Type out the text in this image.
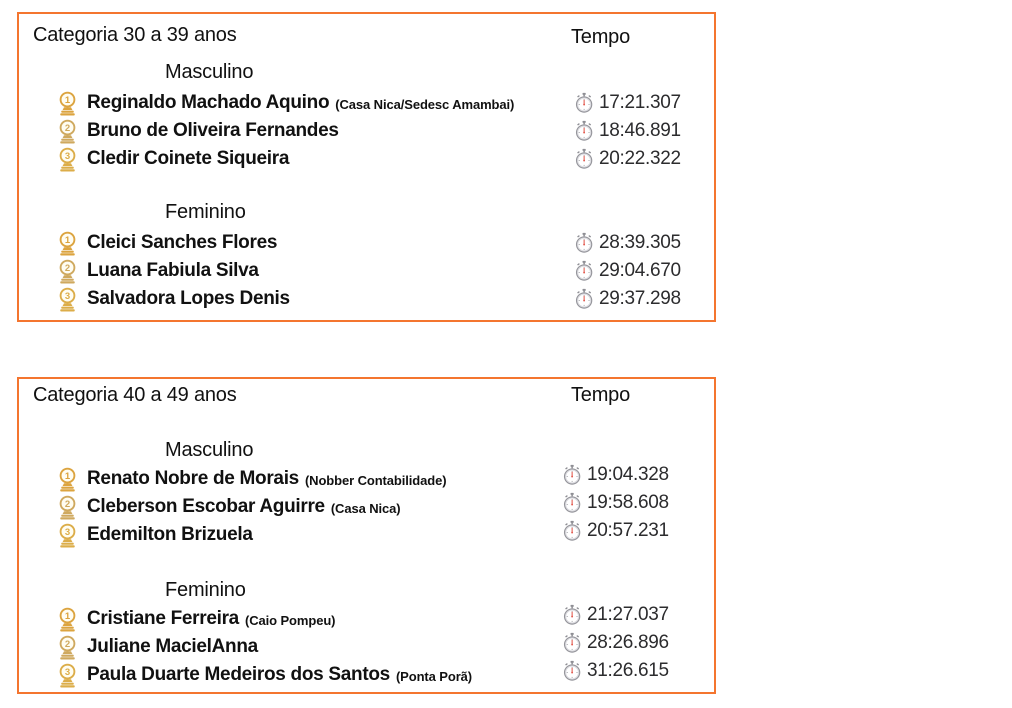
Categoria 30 a 39 anos	Tempo
Masculino
1 Reginaldo Machado Aquino (Casa Nica/Sedesc Amambai)	17:21.307
2 Bruno de Oliveira Fernandes	18:46.891
3 Cledir Coinete Siqueira	20:22.322
Feminino
1 Cleici Sanches Flores	28:39.305
2 Luana Fabiula Silva	29:04.670
3 Salvadora Lopes Denis	29:37.298
Categoria 40 a 49 anos	Tempo
Masculino
1 Renato Nobre de Morais (Nobber Contabilidade)	19:04.328
2 Cleberson Escobar Aguirre (Casa Nica)	19:58.608
3 Edemilton Brizuela	20:57.231
Feminino
1 Cristiane Ferreira (Caio Pompeu)	21:27.037
2 Juliane MacielAnna	28:26.896
3 Paula Duarte Medeiros dos Santos (Ponta Porã)	31:26.615
